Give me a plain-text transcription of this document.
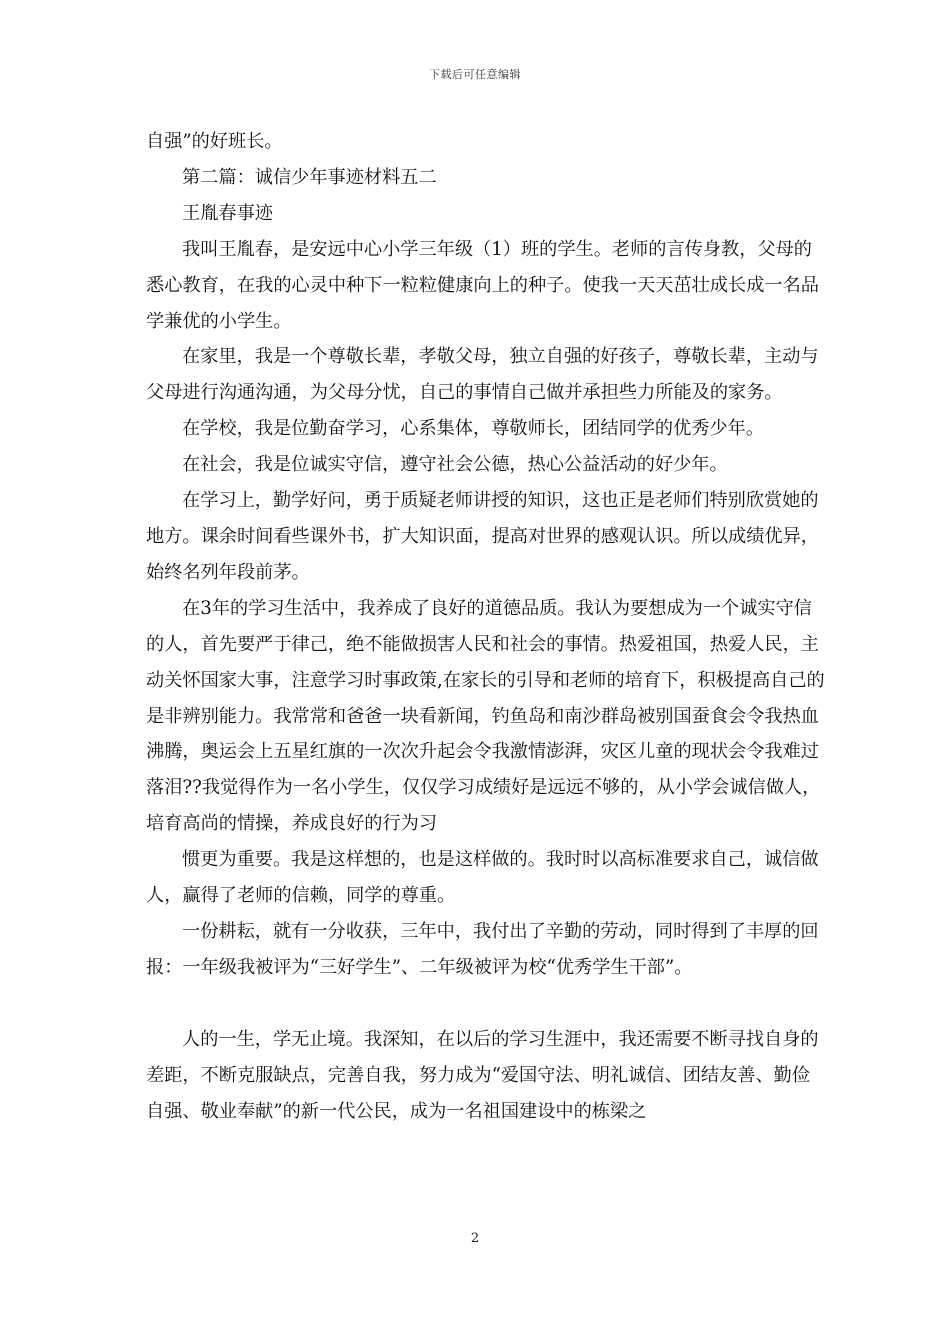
下载后可任意编辑

自强”的好班长。

第二篇：诚信少年事迹材料五二

王胤春事迹

我叫王胤春，是安远中心小学三年级（1）班的学生。老师的言传身教，父母的悉心教育，在我的心灵中种下一粒粒健康向上的种子。使我一天天茁壮成长成一名品学兼优的小学生。

在家里，我是一个尊敬长辈，孝敬父母，独立自强的好孩子，尊敬长辈，主动与父母进行沟通沟通，为父母分忧，自己的事情自己做并承担些力所能及的家务。

在学校，我是位勤奋学习，心系集体，尊敬师长，团结同学的优秀少年。

在社会，我是位诚实守信，遵守社会公德，热心公益活动的好少年。

在学习上，勤学好问，勇于质疑老师讲授的知识，这也正是老师们特别欣赏她的地方。课余时间看些课外书，扩大知识面，提高对世界的感观认识。所以成绩优异，始终名列年段前茅。

在3年的学习生活中，我养成了良好的道德品质。我认为要想成为一个诚实守信的人，首先要严于律己，绝不能做损害人民和社会的事情。热爱祖国，热爱人民，主动关怀国家大事，注意学习时事政策,在家长的引导和老师的培育下，积极提高自己的是非辨别能力。我常常和爸爸一块看新闻，钓鱼岛和南沙群岛被别国蚕食会令我热血沸腾，奥运会上五星红旗的一次次升起会令我激情澎湃，灾区儿童的现状会令我难过落泪??我觉得作为一名小学生，仅仅学习成绩好是远远不够的，从小学会诚信做人，培育高尚的情操，养成良好的行为习

惯更为重要。我是这样想的，也是这样做的。我时时以高标准要求自己，诚信做人，赢得了老师的信赖，同学的尊重。

一份耕耘，就有一分收获，三年中，我付出了辛勤的劳动，同时得到了丰厚的回报：一年级我被评为“三好学生”、二年级被评为校“优秀学生干部”。

人的一生，学无止境。我深知，在以后的学习生涯中，我还需要不断寻找自身的差距，不断克服缺点，完善自我，努力成为“爱国守法、明礼诚信、团结友善、勤俭自强、敬业奉献”的新一代公民，成为一名祖国建设中的栋梁之

2
